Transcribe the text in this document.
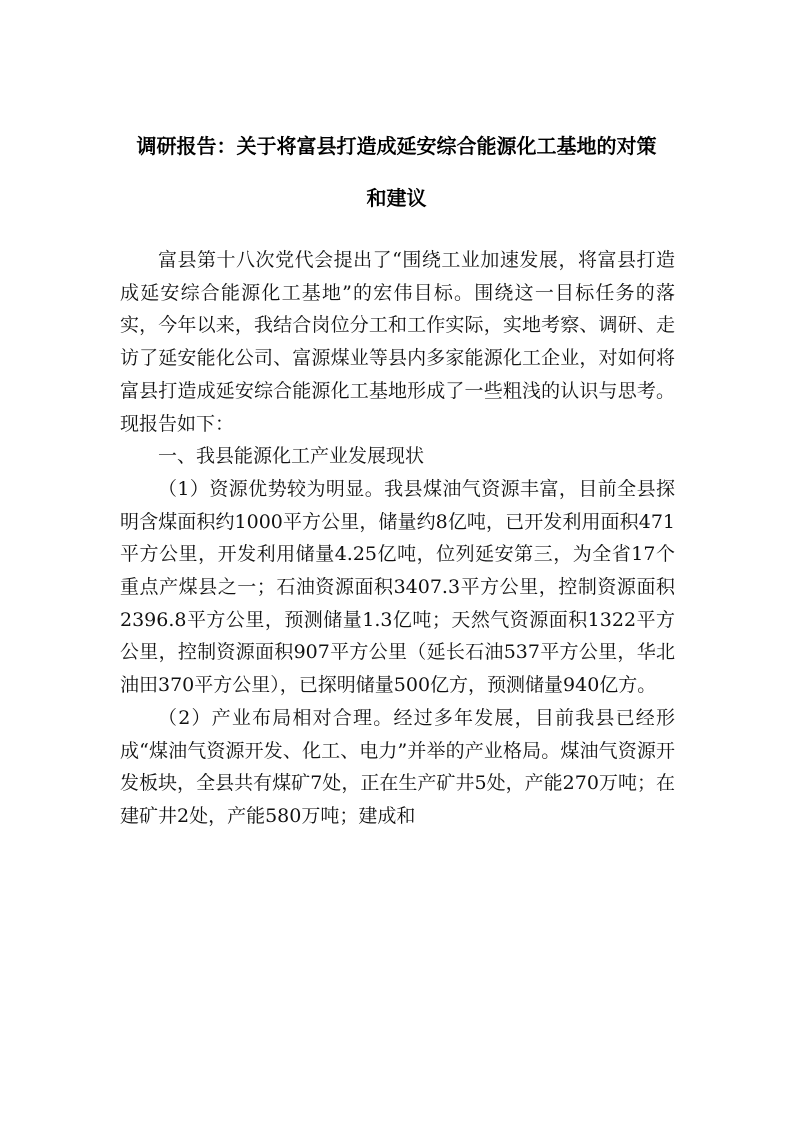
调研报告：关于将富县打造成延安综合能源化工基地的对策
和建议

富县第十八次党代会提出了“围绕工业加速发展，将富县打造成延安综合能源化工基地”的宏伟目标。围绕这一目标任务的落实，今年以来，我结合岗位分工和工作实际，实地考察、调研、走访了延安能化公司、富源煤业等县内多家能源化工企业，对如何将富县打造成延安综合能源化工基地形成了一些粗浅的认识与思考。现报告如下：

一、我县能源化工产业发展现状

（1）资源优势较为明显。我县煤油气资源丰富，目前全县探明含煤面积约1000平方公里，储量约8亿吨，已开发利用面积471平方公里，开发利用储量4.25亿吨，位列延安第三，为全省17个重点产煤县之一；石油资源面积3407.3平方公里，控制资源面积2396.8平方公里，预测储量1.3亿吨；天然气资源面积1322平方公里，控制资源面积907平方公里（延长石油537平方公里，华北油田370平方公里），已探明储量500亿方，预测储量940亿方。

（2）产业布局相对合理。经过多年发展，目前我县已经形成“煤油气资源开发、化工、电力”并举的产业格局。煤油气资源开发板块，全县共有煤矿7处，正在生产矿井5处，产能270万吨；在建矿井2处，产能580万吨；建成和
